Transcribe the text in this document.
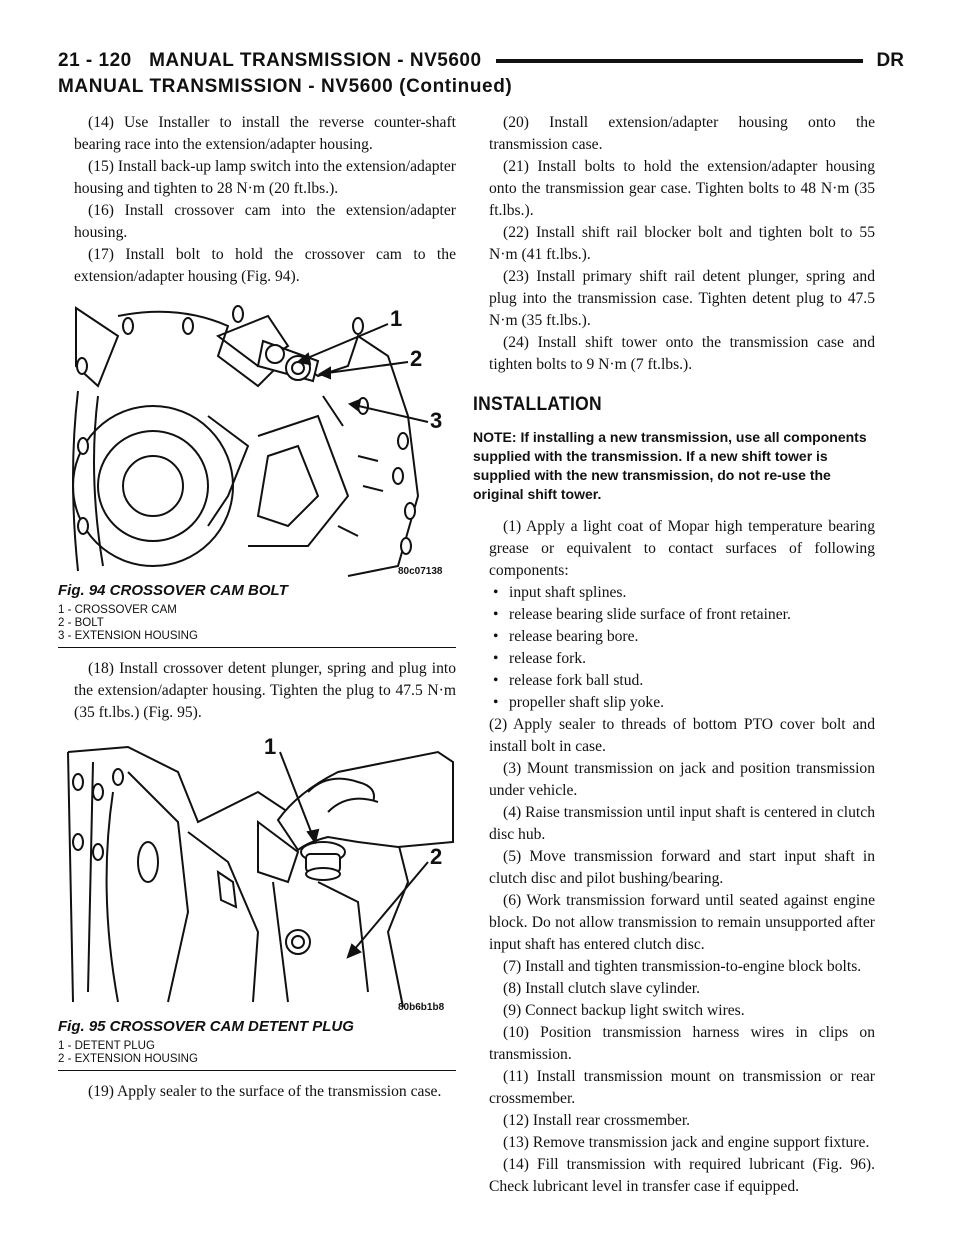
21 - 120 MANUAL TRANSMISSION - NV5600	DR
MANUAL TRANSMISSION - NV5600 (Continued)

(14) Use Installer to install the reverse counter-shaft bearing race into the extension/adapter housing.

(15) Install back-up lamp switch into the extension/adapter housing and tighten to 28 N·m (20 ft.lbs.).

(16) Install crossover cam into the extension/adapter housing.

(17) Install bolt to hold the crossover cam to the extension/adapter housing (Fig. 94).

1
2
3
80c07138
Fig. 94 CROSSOVER CAM BOLT
1 - CROSSOVER CAM
2 - BOLT
3 - EXTENSION HOUSING

(18) Install crossover detent plunger, spring and plug into the extension/adapter housing. Tighten the plug to 47.5 N·m (35 ft.lbs.) (Fig. 95).

1
2
80b6b1b8
Fig. 95 CROSSOVER CAM DETENT PLUG
1 - DETENT PLUG
2 - EXTENSION HOUSING

(19) Apply sealer to the surface of the transmission case.

(20) Install extension/adapter housing onto the transmission case.

(21) Install bolts to hold the extension/adapter housing onto the transmission gear case. Tighten bolts to 48 N·m (35 ft.lbs.).

(22) Install shift rail blocker bolt and tighten bolt to 55 N·m (41 ft.lbs.).

(23) Install primary shift rail detent plunger, spring and plug into the transmission case. Tighten detent plug to 47.5 N·m (35 ft.lbs.).

(24) Install shift tower onto the transmission case and tighten bolts to 9 N·m (7 ft.lbs.).

INSTALLATION
NOTE: If installing a new transmission, use all components supplied with the transmission. If a new shift tower is supplied with the new transmission, do not re-use the original shift tower.

(1) Apply a light coat of Mopar high temperature bearing grease or equivalent to contact surfaces of following components:

• input shaft splines.
• release bearing slide surface of front retainer.
• release bearing bore.
• release fork.
• release fork ball stud.
• propeller shaft slip yoke.

(2) Apply sealer to threads of bottom PTO cover bolt and install bolt in case.

(3) Mount transmission on jack and position transmission under vehicle.

(4) Raise transmission until input shaft is centered in clutch disc hub.

(5) Move transmission forward and start input shaft in clutch disc and pilot bushing/bearing.

(6) Work transmission forward until seated against engine block. Do not allow transmission to remain unsupported after input shaft has entered clutch disc.

(7) Install and tighten transmission-to-engine block bolts.

(8) Install clutch slave cylinder.

(9) Connect backup light switch wires.

(10) Position transmission harness wires in clips on transmission.

(11) Install transmission mount on transmission or rear crossmember.

(12) Install rear crossmember.

(13) Remove transmission jack and engine support fixture.

(14) Fill transmission with required lubricant (Fig. 96). Check lubricant level in transfer case if equipped.
